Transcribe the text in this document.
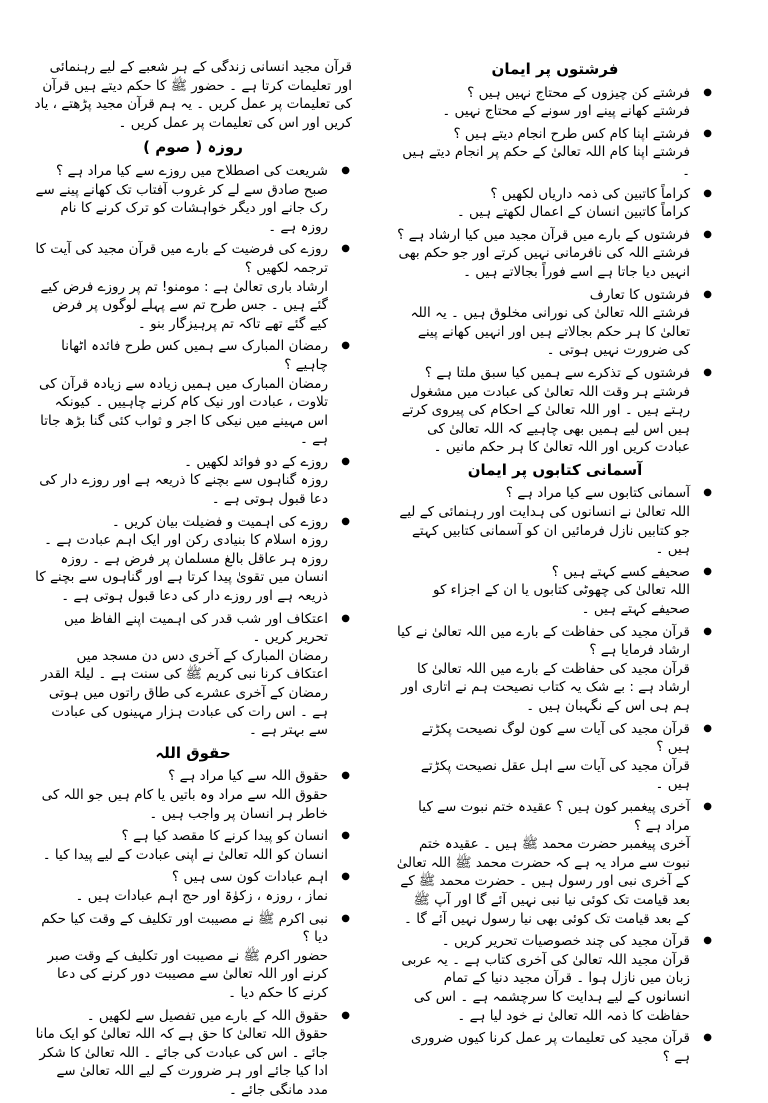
فرشتوں پر ایمان
● فرشتے کن چیزوں کے محتاج نہیں ہیں ؟
فرشتے کھانے پینے اور سونے کے محتاج نہیں ۔
● فرشتے اپنا کام کس طرح انجام دیتے ہیں ؟
فرشتے اپنا کام اللہ تعالیٰ کے حکم پر انجام دیتے ہیں ۔
● کراماً کاتبین کی ذمہ داریاں لکھیں ؟
کراماً کاتبین انسان کے اعمال لکھتے ہیں ۔
● فرشتوں کے بارے میں قرآن مجید میں کیا ارشاد ہے ؟
فرشتے اللہ کی نافرمانی نہیں کرتے اور جو حکم بھی انہیں دیا جاتا ہے اسے فوراً بجالاتے ہیں ۔
● فرشتوں کا تعارف
فرشتے اللہ تعالیٰ کی نورانی مخلوق ہیں ۔ یہ اللہ تعالیٰ کا ہر حکم بجالاتے ہیں اور انہیں کھانے پینے کی ضرورت نہیں ہوتی ۔
● فرشتوں کے تذکرے سے ہمیں کیا سبق ملتا ہے ؟
فرشتے ہر وقت اللہ تعالیٰ کی عبادت میں مشغول رہتے ہیں ۔ اور اللہ تعالیٰ کے احکام کی پیروی کرتے ہیں اس لیے ہمیں بھی چاہیے کہ اللہ تعالیٰ کی عبادت کریں اور اللہ تعالیٰ کا ہر حکم مانیں ۔
آسمانی کتابوں پر ایمان
● آسمانی کتابوں سے کیا مراد ہے ؟
اللہ تعالیٰ نے انسانوں کی ہدایت اور رہنمائی کے لیے جو کتابیں نازل فرمائیں ان کو آسمانی کتابیں کہتے ہیں ۔
● صحیفے کسے کہتے ہیں ؟
اللہ تعالیٰ کی چھوٹی کتابوں یا ان کے اجزاء کو صحیفے کہتے ہیں ۔
● قرآن مجید کی حفاظت کے بارے میں اللہ تعالیٰ نے کیا ارشاد فرمایا ہے ؟
قرآن مجید کی حفاظت کے بارے میں اللہ تعالیٰ کا ارشاد ہے : بے شک یہ کتاب نصیحت ہم نے اتاری اور ہم ہی اس کے نگہبان ہیں ۔
● قرآن مجید کی آیات سے کون لوگ نصیحت پکڑتے ہیں ؟
قرآن مجید کی آیات سے اہل عقل نصیحت پکڑتے ہیں ۔
● آخری پیغمبر کون ہیں ؟ عقیدہ ختم نبوت سے کیا مراد ہے ؟
آخری پیغمبر حضرت محمد ﷺ ہیں ۔ عقیدہ ختم نبوت سے مراد یہ ہے کہ حضرت محمد ﷺ اللہ تعالیٰ کے آخری نبی اور رسول ہیں ۔ حضرت محمد ﷺ کے بعد قیامت تک کوئی نیا نبی نہیں آئے گا اور آپ ﷺ کے بعد قیامت تک کوئی بھی نیا رسول نہیں آئے گا ۔
● قرآن مجید کی چند خصوصیات تحریر کریں ۔
قرآن مجید اللہ تعالیٰ کی آخری کتاب ہے ۔ یہ عربی زبان میں نازل ہوا ۔ قرآن مجید دنیا کے تمام انسانوں کے لیے ہدایت کا سرچشمہ ہے ۔ اس کی حفاظت کا ذمہ اللہ تعالیٰ نے خود لیا ہے ۔
● قرآن مجید کی تعلیمات پر عمل کرنا کیوں ضروری ہے ؟

قرآن مجید انسانی زندگی کے ہر شعبے کے لیے رہنمائی اور تعلیمات کرتا ہے ۔ حضور ﷺ کا حکم دیتے ہیں قرآن کی تعلیمات پر عمل کریں ۔ یہ ہم قرآن مجید پڑھتے ، یاد کریں اور اس کی تعلیمات پر عمل کریں ۔

روزہ ( صوم )
● شریعت کی اصطلاح میں روزے سے کیا مراد ہے ؟
صبح صادق سے لے کر غروب آفتاب تک کھانے پینے سے رک جانے اور دیگر خواہشات کو ترک کرنے کا نام روزہ ہے ۔
● روزے کی فرضیت کے بارے میں قرآن مجید کی آیت کا ترجمہ لکھیں ؟
ارشاد باری تعالیٰ ہے : مومنو! تم پر روزے فرض کیے گئے ہیں ۔ جس طرح تم سے پہلے لوگوں پر فرض کیے گئے تھے تاکہ تم پرہیزگار بنو ۔
● رمضان المبارک سے ہمیں کس طرح فائدہ اٹھانا چاہیے ؟
رمضان المبارک میں ہمیں زیادہ سے زیادہ قرآن کی تلاوت ، عبادت اور نیک کام کرنے چاہییں ۔ کیونکہ اس مہینے میں نیکی کا اجر و ثواب کئی گنا بڑھ جاتا ہے ۔
● روزے کے دو فوائد لکھیں ۔
روزہ گناہوں سے بچنے کا ذریعہ ہے اور روزے دار کی دعا قبول ہوتی ہے ۔
● روزے کی اہمیت و فضیلت بیان کریں ۔
روزہ اسلام کا بنیادی رکن اور ایک اہم عبادت ہے ۔ روزہ ہر عاقل بالغ مسلمان پر فرض ہے ۔ روزہ انسان میں تقویٰ پیدا کرتا ہے اور گناہوں سے بچنے کا ذریعہ ہے اور روزے دار کی دعا قبول ہوتی ہے ۔
● اعتکاف اور شب قدر کی اہمیت اپنے الفاظ میں تحریر کریں ۔
رمضان المبارک کے آخری دس دن مسجد میں اعتکاف کرنا نبی کریم ﷺ کی سنت ہے ۔ لیلۃ القدر رمضان کے آخری عشرے کی طاق راتوں میں ہوتی ہے ۔ اس رات کی عبادت ہزار مہینوں کی عبادت سے بہتر ہے ۔
حقوق اللہ
● حقوق اللہ سے کیا مراد ہے ؟
حقوق اللہ سے مراد وہ باتیں یا کام ہیں جو اللہ کی خاطر ہر انسان پر واجب ہیں ۔
● انسان کو پیدا کرنے کا مقصد کیا ہے ؟
انسان کو اللہ تعالیٰ نے اپنی عبادت کے لیے پیدا کیا ۔
● اہم عبادات کون سی ہیں ؟
نماز ، روزہ ، زکوٰۃ اور حج اہم عبادات ہیں ۔
● نبی اکرم ﷺ نے مصیبت اور تکلیف کے وقت کیا حکم دیا ؟
حضور اکرم ﷺ نے مصیبت اور تکلیف کے وقت صبر کرنے اور اللہ تعالیٰ سے مصیبت دور کرنے کی دعا کرنے کا حکم دیا ۔
● حقوق اللہ کے بارے میں تفصیل سے لکھیں ۔
حقوق اللہ تعالیٰ کا حق ہے کہ اللہ تعالیٰ کو ایک مانا جائے ۔ اس کی عبادت کی جائے ۔ اللہ تعالیٰ کا شکر ادا کیا جائے اور ہر ضرورت کے لیے اللہ تعالیٰ سے مدد مانگی جائے ۔
